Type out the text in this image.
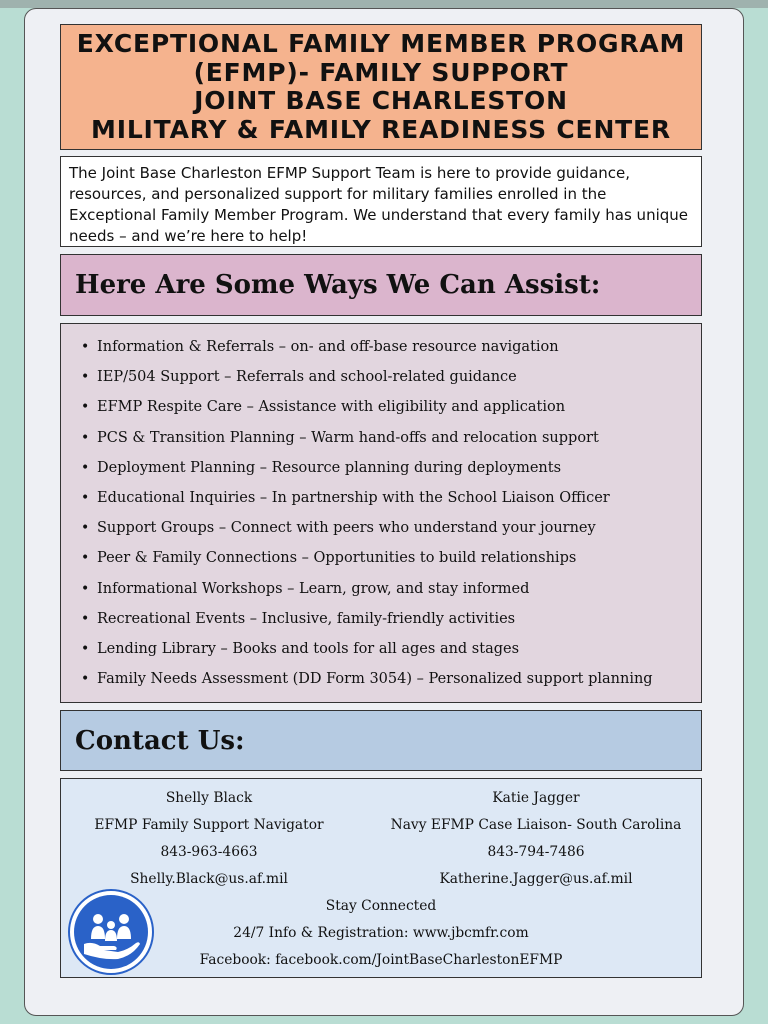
EXCEPTIONAL FAMILY MEMBER PROGRAM
(EFMP)- FAMILY SUPPORT
JOINT BASE CHARLESTON
MILITARY & FAMILY READINESS CENTER
The Joint Base Charleston EFMP Support Team is here to provide guidance, resources, and personalized support for military families enrolled in the Exceptional Family Member Program. We understand that every family has unique needs – and we’re here to help!
Here Are Some Ways We Can Assist:
• Information & Referrals – on- and off-base resource navigation
• IEP/504 Support – Referrals and school-related guidance
• EFMP Respite Care – Assistance with eligibility and application
• PCS & Transition Planning – Warm hand-offs and relocation support
• Deployment Planning – Resource planning during deployments
• Educational Inquiries – In partnership with the School Liaison Officer
• Support Groups – Connect with peers who understand your journey
• Peer & Family Connections – Opportunities to build relationships
• Informational Workshops – Learn, grow, and stay informed
• Recreational Events – Inclusive, family-friendly activities
• Lending Library – Books and tools for all ages and stages
• Family Needs Assessment (DD Form 3054) – Personalized support planning
Contact Us:
Shelly Black
EFMP Family Support Navigator
843-963-4663
Shelly.Black@us.af.mil
Katie Jagger
Navy EFMP Case Liaison- South Carolina
843-794-7486
Katherine.Jagger@us.af.mil
Stay Connected
24/7 Info & Registration: www.jbcmfr.com
Facebook: facebook.com/JointBaseCharlestonEFMP
